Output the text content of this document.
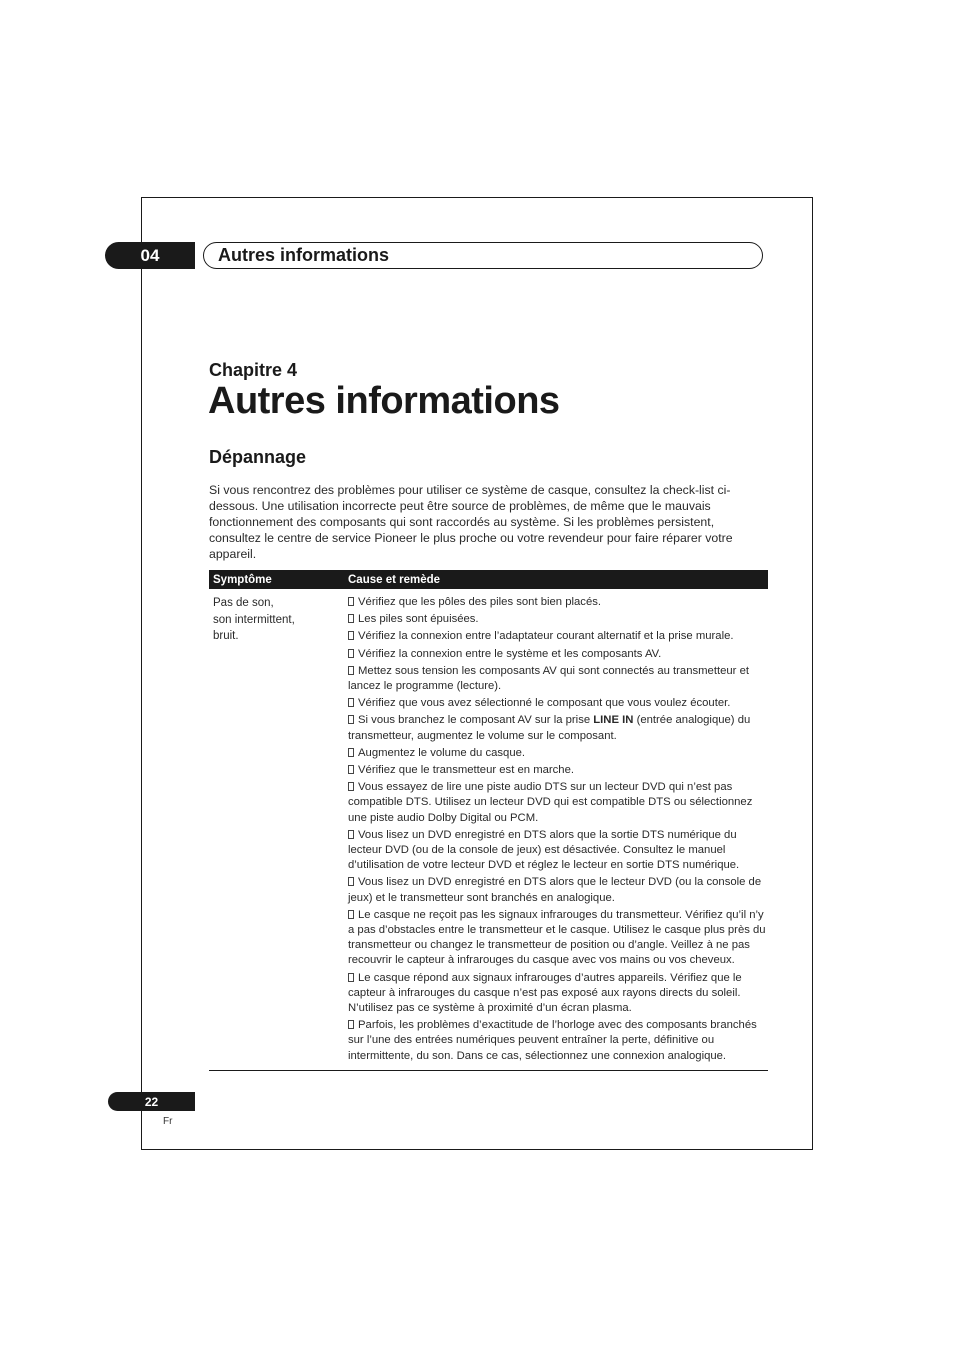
04	Autres informations
Chapitre 4
Autres informations
Dépannage
Si vous rencontrez des problèmes pour utiliser ce système de casque, consultez la check-list ci-dessous. Une utilisation incorrecte peut être source de problèmes, de même que le mauvais fonctionnement des composants qui sont raccordés au système. Si les problèmes persistent, consultez le centre de service Pioneer le plus proche ou votre revendeur pour faire réparer votre appareil.
Symptôme	Cause et remède
Pas de son,
son intermittent,
bruit.
Vérifiez que les pôles des piles sont bien placés.
Les piles sont épuisées.
Vérifiez la connexion entre l’adaptateur courant alternatif et la prise murale.
Vérifiez la connexion entre le système et les composants AV.
Mettez sous tension les composants AV qui sont connectés au transmetteur et lancez le programme (lecture).
Vérifiez que vous avez sélectionné le composant que vous voulez écouter.
Si vous branchez le composant AV sur la prise LINE IN (entrée analogique) du transmetteur, augmentez le volume sur le composant.
Augmentez le volume du casque.
Vérifiez que le transmetteur est en marche.
Vous essayez de lire une piste audio DTS sur un lecteur DVD qui n’est pas compatible DTS. Utilisez un lecteur DVD qui est compatible DTS ou sélectionnez une piste audio Dolby Digital ou PCM.
Vous lisez un DVD enregistré en DTS alors que la sortie DTS numérique du lecteur DVD (ou de la console de jeux) est désactivée. Consultez le manuel d’utilisation de votre lecteur DVD et réglez le lecteur en sortie DTS numérique.
Vous lisez un DVD enregistré en DTS alors que le lecteur DVD (ou la console de jeux) et le transmetteur sont branchés en analogique.
Le casque ne reçoit pas les signaux infrarouges du transmetteur. Vérifiez qu’il n’y a pas d’obstacles entre le transmetteur et le casque. Utilisez le casque plus près du transmetteur ou changez le transmetteur de position ou d’angle. Veillez à ne pas recouvrir le capteur à infrarouges du casque avec vos mains ou vos cheveux.
Le casque répond aux signaux infrarouges d’autres appareils. Vérifiez que le capteur à infrarouges du casque n’est pas exposé aux rayons directs du soleil. N’utilisez pas ce système à proximité d’un écran plasma.
Parfois, les problèmes d’exactitude de l’horloge avec des composants branchés sur l’une des entrées numériques peuvent entraîner la perte, définitive ou intermittente, du son. Dans ce cas, sélectionnez une connexion analogique.
22
Fr
